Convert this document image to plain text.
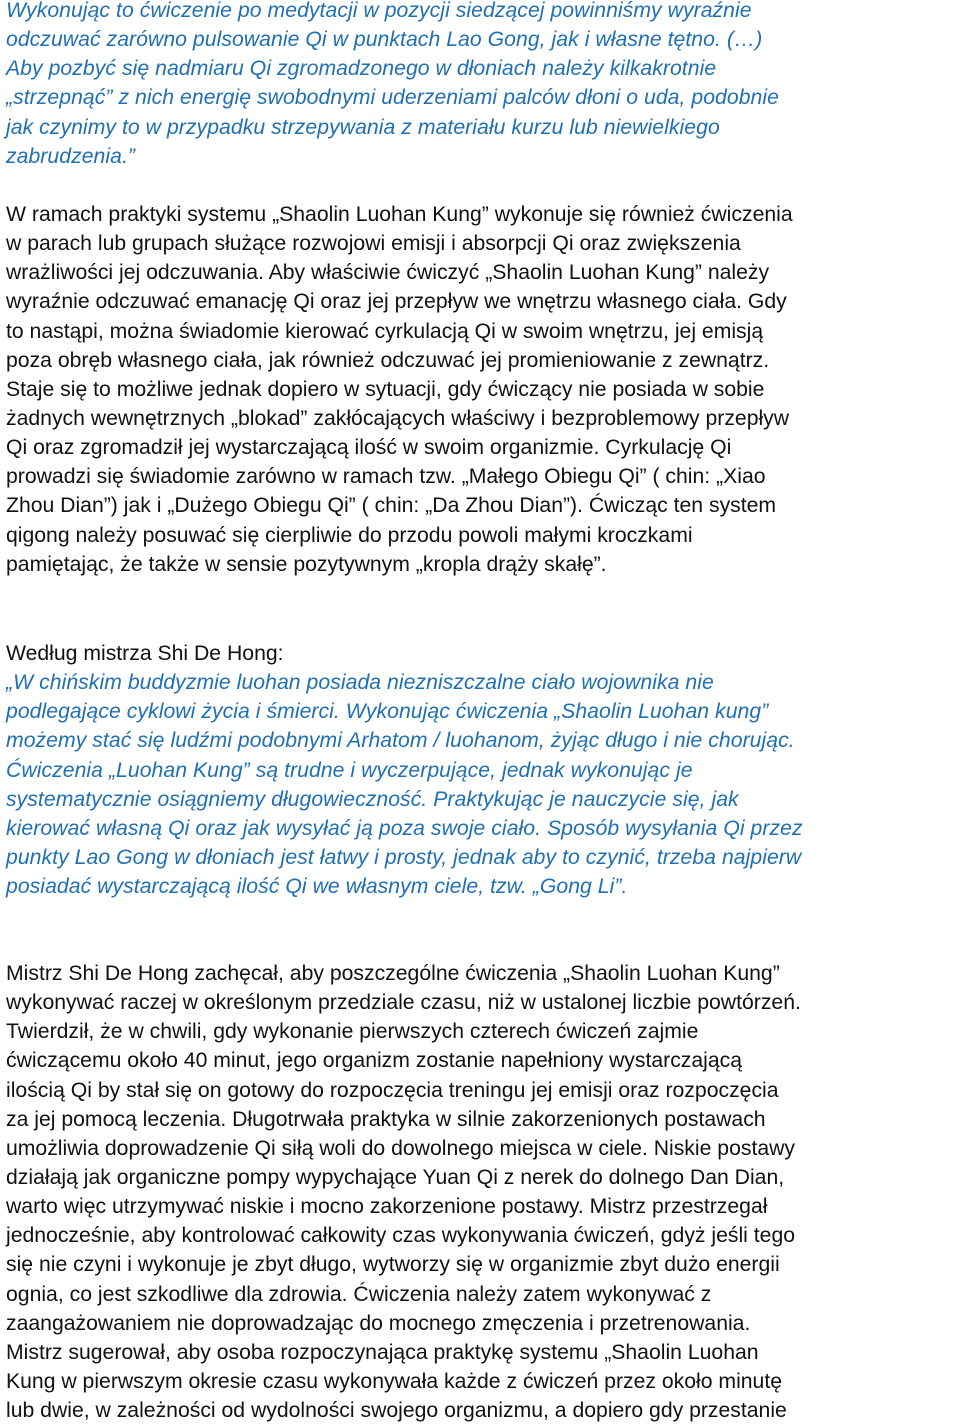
Wykonując to ćwiczenie po medytacji w pozycji siedzącej powinniśmy wyraźnie
odczuwać zarówno pulsowanie Qi w punktach Lao Gong, jak i własne tętno. (…)
Aby pozbyć się nadmiaru Qi zgromadzonego w dłoniach należy kilkakrotnie
„strzepnąć” z nich energię swobodnymi uderzeniami palców dłoni o uda, podobnie
jak czynimy to w przypadku strzepywania z materiału kurzu lub niewielkiego
zabrudzenia.”
W ramach praktyki systemu „Shaolin Luohan Kung” wykonuje się również ćwiczenia
w parach lub grupach służące rozwojowi emisji i absorpcji Qi oraz zwiększenia
wrażliwości jej odczuwania. Aby właściwie ćwiczyć „Shaolin Luohan Kung” należy
wyraźnie odczuwać emanację Qi oraz jej przepływ we wnętrzu własnego ciała. Gdy
to nastąpi, można świadomie kierować cyrkulacją Qi w swoim wnętrzu, jej emisją
poza obręb własnego ciała, jak również odczuwać jej promieniowanie z zewnątrz.
Staje się to możliwe jednak dopiero w sytuacji, gdy ćwiczący nie posiada w sobie
żadnych wewnętrznych „blokad” zakłócających właściwy i bezproblemowy przepływ
Qi oraz zgromadził jej wystarczającą ilość w swoim organizmie. Cyrkulację Qi
prowadzi się świadomie zarówno w ramach tzw. „Małego Obiegu Qi” ( chin: „Xiao
Zhou Dian”) jak i „Dużego Obiegu Qi” ( chin: „Da Zhou Dian”). Ćwicząc ten system
qigong należy posuwać się cierpliwie do przodu powoli małymi kroczkami
pamiętając, że także w sensie pozytywnym „kropla drąży skałę”.
Według mistrza Shi De Hong:
„W chińskim buddyzmie luohan posiada niezniszczalne ciało wojownika nie
podlegające cyklowi życia i śmierci. Wykonując ćwiczenia „Shaolin Luohan kung”
możemy stać się ludźmi podobnymi Arhatom / luohanom, żyjąc długo i nie chorując.
Ćwiczenia „Luohan Kung” są trudne i wyczerpujące, jednak wykonując je
systematycznie osiągniemy długowieczność. Praktykując je nauczycie się, jak
kierować własną Qi oraz jak wysyłać ją poza swoje ciało. Sposób wysyłania Qi przez
punkty Lao Gong w dłoniach jest łatwy i prosty, jednak aby to czynić, trzeba najpierw
posiadać wystarczającą ilość Qi we własnym ciele, tzw. „Gong Li”.
Mistrz Shi De Hong zachęcał, aby poszczególne ćwiczenia „Shaolin Luohan Kung”
wykonywać raczej w określonym przedziale czasu, niż w ustalonej liczbie powtórzeń.
Twierdził, że w chwili, gdy wykonanie pierwszych czterech ćwiczeń zajmie
ćwiczącemu około 40 minut, jego organizm zostanie napełniony wystarczającą
ilością Qi by stał się on gotowy do rozpoczęcia treningu jej emisji oraz rozpoczęcia
za jej pomocą leczenia. Długotrwała praktyka w silnie zakorzenionych postawach
umożliwia doprowadzenie Qi siłą woli do dowolnego miejsca w ciele. Niskie postawy
działają jak organiczne pompy wypychające Yuan Qi z nerek do dolnego Dan Dian,
warto więc utrzymywać niskie i mocno zakorzenione postawy. Mistrz przestrzegał
jednocześnie, aby kontrolować całkowity czas wykonywania ćwiczeń, gdyż jeśli tego
się nie czyni i wykonuje je zbyt długo, wytworzy się w organizmie zbyt dużo energii
ognia, co jest szkodliwe dla zdrowia. Ćwiczenia należy zatem wykonywać z
zaangażowaniem nie doprowadzając do mocnego zmęczenia i przetrenowania.
Mistrz sugerował, aby osoba rozpoczynająca praktykę systemu „Shaolin Luohan
Kung w pierwszym okresie czasu wykonywała każde z ćwiczeń przez około minutę
lub dwie, w zależności od wydolności swojego organizmu, a dopiero gdy przestanie
